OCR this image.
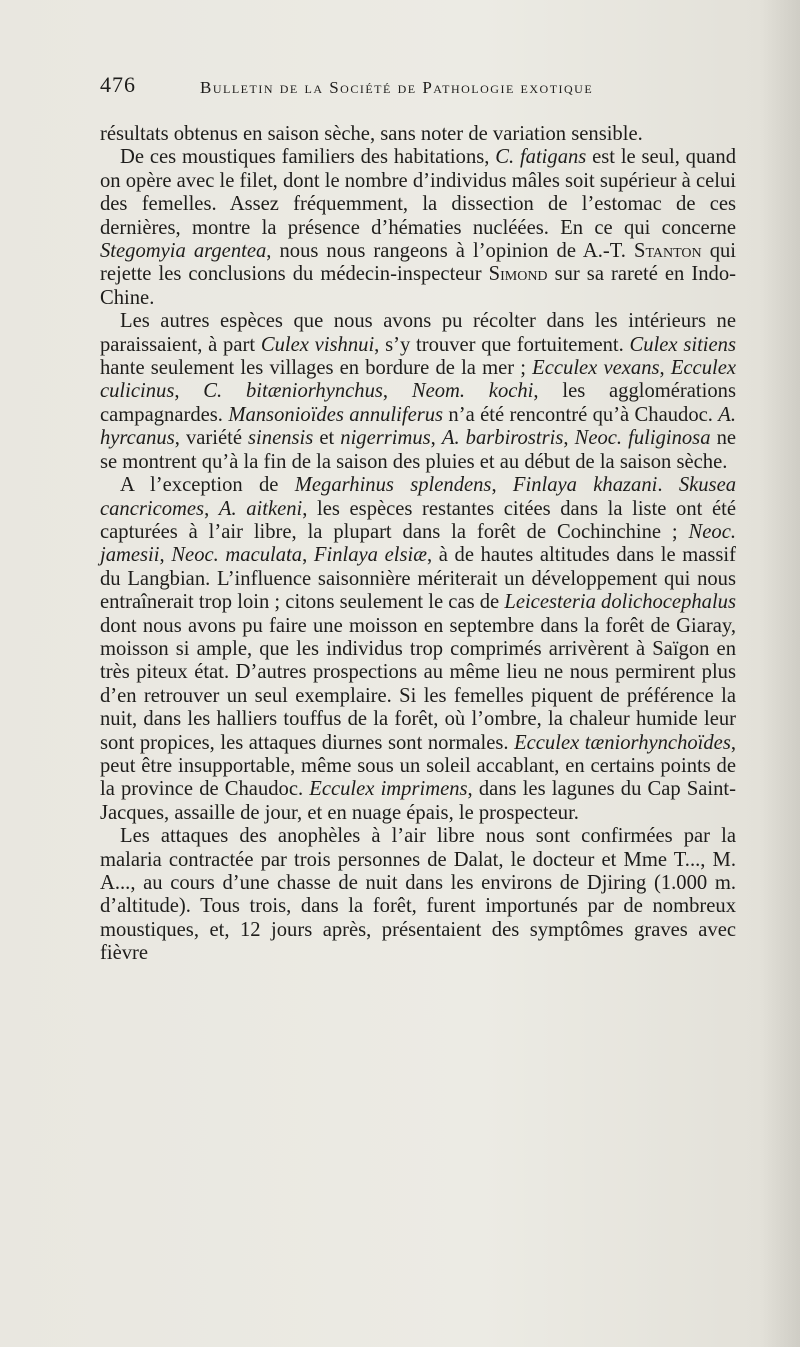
476	Bulletin de la Société de Pathologie exotique

résultats obtenus en saison sèche, sans noter de variation sensible.

De ces moustiques familiers des habitations, C. fatigans est le seul, quand on opère avec le filet, dont le nombre d’individus mâles soit supérieur à celui des femelles. Assez fréquemment, la dissection de l’estomac de ces dernières, montre la présence d’hématies nucléées. En ce qui concerne Stegomyia argentea, nous nous rangeons à l’opinion de A.-T. Stanton qui rejette les conclusions du médecin-inspecteur Simond sur sa rareté en Indo-Chine.

Les autres espèces que nous avons pu récolter dans les intérieurs ne paraissaient, à part Culex vishnui, s’y trouver que fortuitement. Culex sitiens hante seulement les villages en bordure de la mer ; Ecculex vexans, Ecculex culicinus, C. bitæniorhynchus, Neom. kochi, les agglomérations campagnardes. Mansonioïdes annuliferus n’a été rencontré qu’à Chaudoc. A. hyrcanus, variété sinensis et nigerrimus, A. barbirostris, Neoc. fuliginosa ne se montrent qu’à la fin de la saison des pluies et au début de la saison sèche.

A l’exception de Megarhinus splendens, Finlaya khazani. Skusea cancricomes, A. aitkeni, les espèces restantes citées dans la liste ont été capturées à l’air libre, la plupart dans la forêt de Cochinchine ; Neoc. jamesii, Neoc. maculata, Finlaya elsiæ, à de hautes altitudes dans le massif du Langbian. L’influence saisonnière mériterait un développement qui nous entraînerait trop loin ; citons seulement le cas de Leicesteria dolichocephalus dont nous avons pu faire une moisson en septembre dans la forêt de Giaray, moisson si ample, que les individus trop comprimés arrivèrent à Saïgon en très piteux état. D’autres prospections au même lieu ne nous permirent plus d’en retrouver un seul exemplaire. Si les femelles piquent de préférence la nuit, dans les halliers touffus de la forêt, où l’ombre, la chaleur humide leur sont propices, les attaques diurnes sont normales. Ecculex tæniorhynchoïdes, peut être insupportable, même sous un soleil accablant, en certains points de la province de Chaudoc. Ecculex imprimens, dans les lagunes du Cap Saint-Jacques, assaille de jour, et en nuage épais, le prospecteur.

Les attaques des anophèles à l’air libre nous sont confirmées par la malaria contractée par trois personnes de Dalat, le docteur et Mme T..., M. A..., au cours d’une chasse de nuit dans les environs de Djiring (1.000 m. d’altitude). Tous trois, dans la forêt, furent importunés par de nombreux moustiques, et, 12 jours après, présentaient des symptômes graves avec fièvre
